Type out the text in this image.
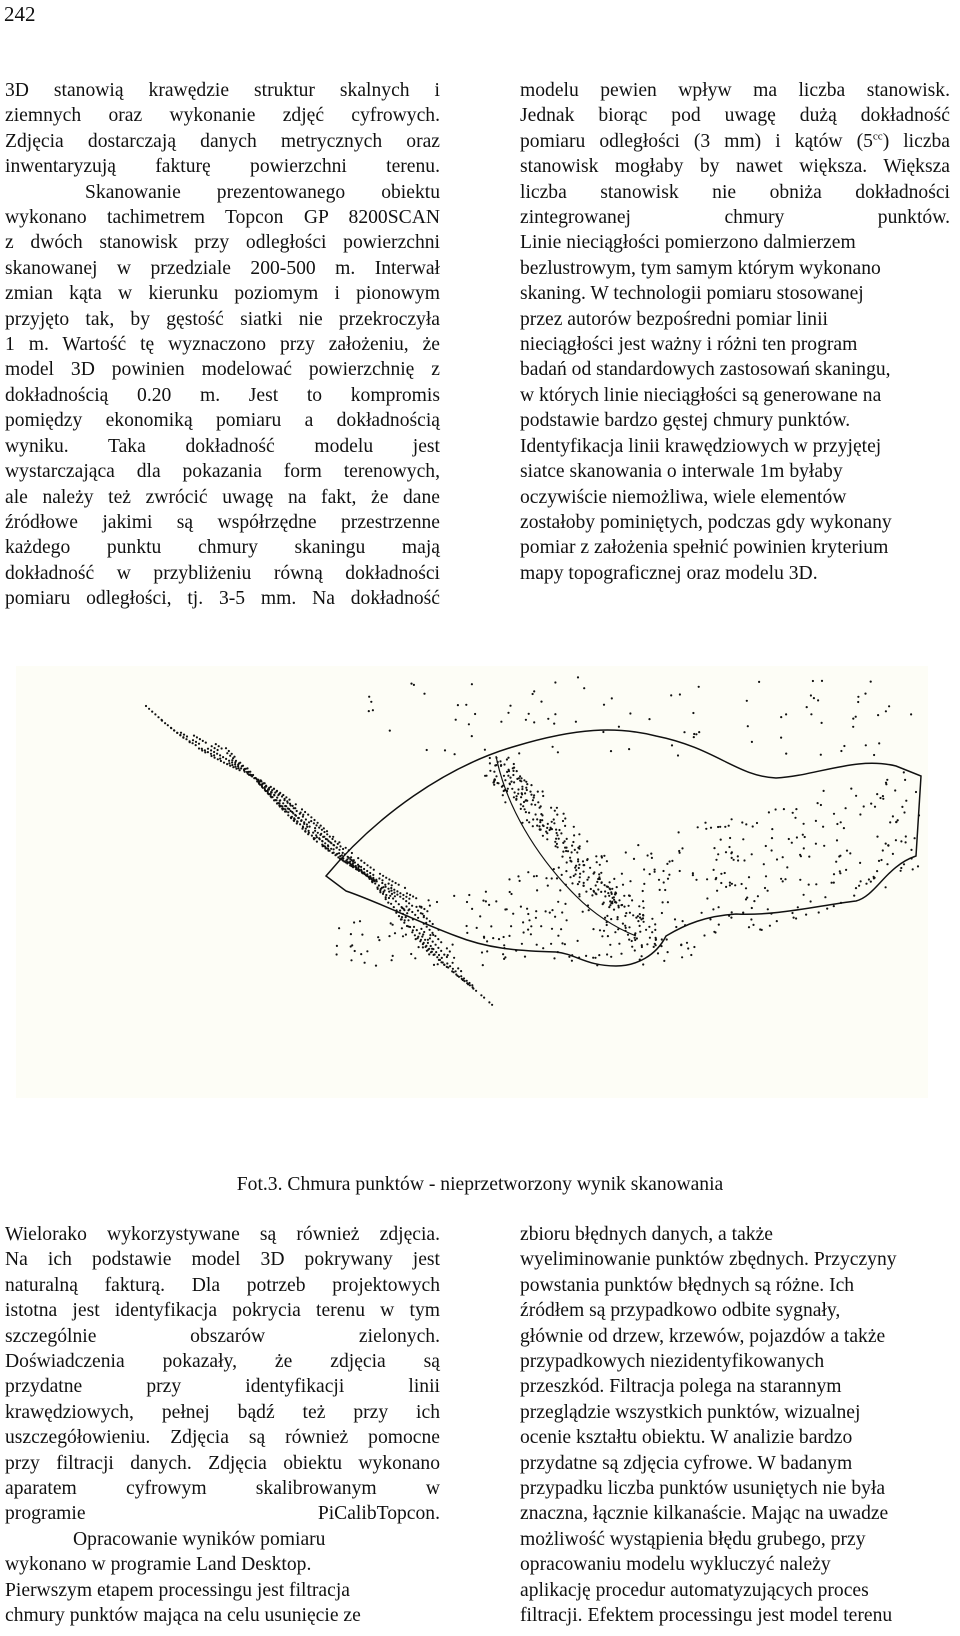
242

3D stanowią krawędzie struktur skalnych i
ziemnych oraz wykonanie zdjęć cyfrowych.
Zdjęcia dostarczają danych metrycznych oraz
inwentaryzują fakturę powierzchni terenu.

Skanowanie prezentowanego obiektu
wykonano tachimetrem Topcon GP 8200SCAN
z dwóch stanowisk przy odległości powierzchni
skanowanej w przedziale 200-500 m. Interwał
zmian kąta w kierunku poziomym i pionowym
przyjęto tak, by gęstość siatki nie przekroczyła
1 m. Wartość tę wyznaczono przy założeniu, że
model 3D powinien modelować powierzchnię z
dokładnością 0.20 m. Jest to kompromis
pomiędzy ekonomiką pomiaru a dokładnością
wyniku. Taka dokładność modelu jest
wystarczająca dla pokazania form terenowych,
ale należy też zwrócić uwagę na fakt, że dane
źródłowe jakimi są współrzędne przestrzenne
każdego punktu chmury skaningu mają
dokładność w przybliżeniu równą dokładności
pomiaru odległości, tj. 3-5 mm. Na dokładność

modelu pewien wpływ ma liczba stanowisk.
Jednak biorąc pod uwagę dużą dokładność
pomiaru odległości (3 mm) i kątów $(5^{cc})$ liczba
stanowisk mogłaby by nawet większa. Większa
liczba stanowisk nie obniża dokładności
zintegrowanej chmury punktów.

Linie nieciągłości pomierzono dalmierzem
bezlustrowym, tym samym którym wykonano
skaning. W technologii pomiaru stosowanej
przez autorów bezpośredni pomiar linii
nieciągłości jest ważny i różni ten program
badań od standardowych zastosowań skaningu,
w których linie nieciągłości są generowane na
podstawie bardzo gęstej chmury punktów.
Identyfikacja linii krawędziowych w przyjętej
siatce skanowania o interwale 1m byłaby
oczywiście niemożliwa, wiele elementów
zostałoby pominiętych, podczas gdy wykonany
pomiar z założenia spełnić powinien kryterium
mapy topograficznej oraz modelu 3D.

Fot.3. Chmura punktów - nieprzetworzony wynik skanowania

Wielorako wykorzystywane są również zdjęcia.
Na ich podstawie model 3D pokrywany jest
naturalną fakturą. Dla potrzeb projektowych
istotna jest identyfikacja pokrycia terenu w tym
szczególnie obszarów zielonych.
Doświadczenia pokazały, że zdjęcia są
przydatne przy identyfikacji linii
krawędziowych, pełnej bądź też przy ich
uszczegółowieniu. Zdjęcia są również pomocne
przy filtracji danych. Zdjęcia obiektu wykonano
aparatem cyfrowym skalibrowanym w
programie PiCalibTopcon.

Opracowanie wyników pomiaru
wykonano w programie Land Desktop.
Pierwszym etapem processingu jest filtracja
chmury punktów mająca na celu usunięcie ze

zbioru błędnych danych, a także
wyeliminowanie punktów zbędnych. Przyczyny
powstania punktów błędnych są różne. Ich
źródłem są przypadkowo odbite sygnały,
głównie od drzew, krzewów, pojazdów a także
przypadkowych niezidentyfikowanych
przeszkód. Filtracja polega na starannym
przeglądzie wszystkich punktów, wizualnej
ocenie kształtu obiektu. W analizie bardzo
przydatne są zdjęcia cyfrowe. W badanym
przypadku liczba punktów usuniętych nie była
znaczna, łącznie kilkanaście. Mając na uwadze
możliwość wystąpienia błędu grubego, przy
opracowaniu modelu wykluczyć należy
aplikację procedur automatyzujących proces
filtracji. Efektem processingu jest model terenu
